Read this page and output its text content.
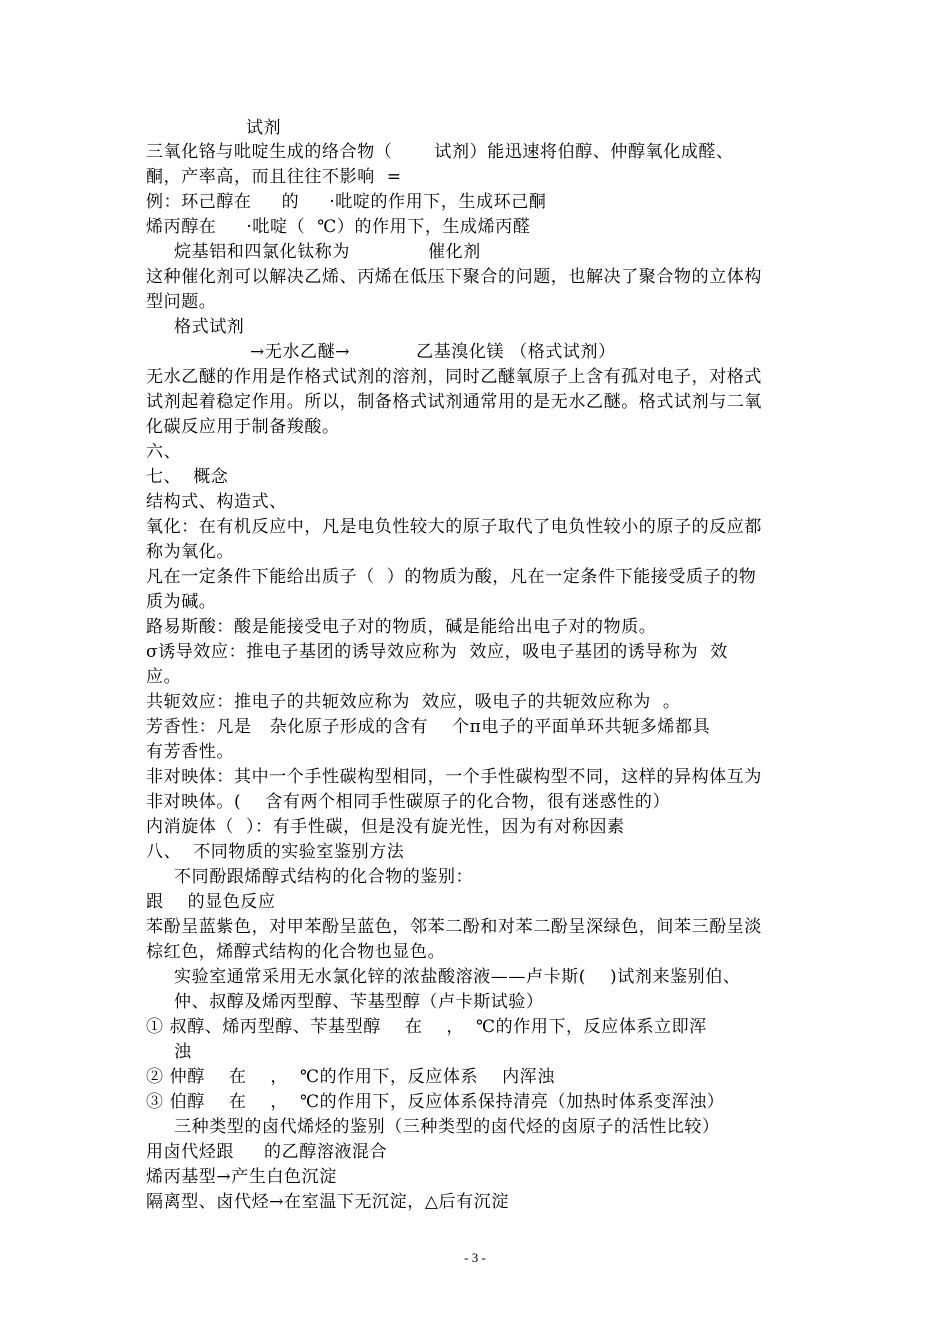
试剂
三氧化铬与吡啶生成的络合物（       试剂）能迅速将伯醇、仲醇氧化成醛、
酮，产率高，而且往往不影响  =
例：环己醇在     的     ·吡啶的作用下，生成环己酮
烯丙醇在     ·吡啶（  ℃）的作用下，生成烯丙醛
烷基铝和四氯化钛称为             催化剂
这种催化剂可以解决乙烯、丙烯在低压下聚合的问题，也解决了聚合物的立体构
型问题。
格式试剂
→无水乙醚→           乙基溴化镁 （格式试剂）
无水乙醚的作用是作格式试剂的溶剂，同时乙醚氧原子上含有孤对电子，对格式
试剂起着稳定作用。所以，制备格式试剂通常用的是无水乙醚。格式试剂与二氧
化碳反应用于制备羧酸。
六、
七、  概念
结构式、构造式、
氧化：在有机反应中，凡是电负性较大的原子取代了电负性较小的原子的反应都
称为氧化。
凡在一定条件下能给出质子（  ）的物质为酸，凡在一定条件下能接受质子的物
质为碱。
路易斯酸：酸是能接受电子对的物质，碱是能给出电子对的物质。
σ诱导效应：推电子基团的诱导效应称为  效应，吸电子基团的诱导称为  效
应。
共轭效应：推电子的共轭效应称为  效应，吸电子的共轭效应称为  。
芳香性：凡是   杂化原子形成的含有    个π电子的平面单环共轭多烯都具
有芳香性。
非对映体：其中一个手性碳构型相同，一个手性碳构型不同，这样的异构体互为
非对映体。(    含有两个相同手性碳原子的化合物，很有迷惑性的）
内消旋体（  ）：有手性碳，但是没有旋光性，因为有对称因素
八、  不同物质的实验室鉴别方法
不同酚跟烯醇式结构的化合物的鉴别：
跟    的显色反应
苯酚呈蓝紫色，对甲苯酚呈蓝色，邻苯二酚和对苯二酚呈深绿色，间苯三酚呈淡
棕红色，烯醇式结构的化合物也显色。
实验室通常采用无水氯化锌的浓盐酸溶液——卢卡斯(    )试剂来鉴别伯、
仲、叔醇及烯丙型醇、苄基型醇（卢卡斯试验）
① 叔醇、烯丙型醇、苄基型醇    在    ，  ℃的作用下，反应体系立即浑
浊
② 仲醇    在    ，  ℃的作用下，反应体系    内浑浊
③ 伯醇    在    ，  ℃的作用下，反应体系保持清亮（加热时体系变浑浊）
三种类型的卤代烯烃的鉴别（三种类型的卤代烃的卤原子的活性比较）
用卤代烃跟     的乙醇溶液混合
烯丙基型→产生白色沉淀
隔离型、卤代烃→在室温下无沉淀，△后有沉淀
- 3 -
